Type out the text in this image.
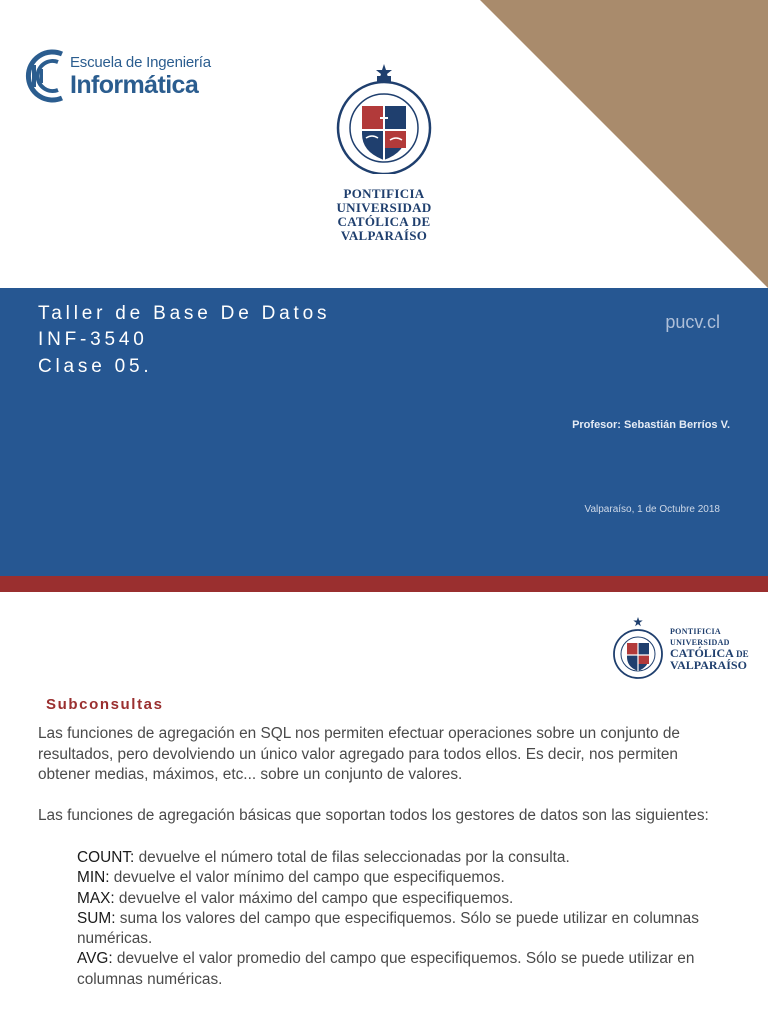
Escuela de Ingeniería
Informática
PONTIFICIA
UNIVERSIDAD
CATÓLICA DE
VALPARAÍSO
Taller de Base De Datos
INF-3540
Clase 05.
pucv.cl
Profesor: Sebastián Berríos V.
Valparaíso, 1 de Octubre 2018
PONTIFICIA
UNIVERSIDAD
CATÓLICA DE
VALPARAÍSO
Subconsultas
Las funciones de agregación en SQL nos permiten efectuar operaciones sobre un conjunto de resultados, pero devolviendo un único valor agregado para todos ellos. Es decir, nos permiten obtener medias, máximos, etc... sobre un conjunto de valores.
Las funciones de agregación básicas que soportan todos los gestores de datos son las siguientes:
COUNT: devuelve el número total de filas seleccionadas por la consulta.
MIN: devuelve el valor mínimo del campo que especifiquemos.
MAX: devuelve el valor máximo del campo que especifiquemos.
SUM: suma los valores del campo que especifiquemos. Sólo se puede utilizar en columnas numéricas.
AVG: devuelve el valor promedio del campo que especifiquemos. Sólo se puede utilizar en columnas numéricas.
